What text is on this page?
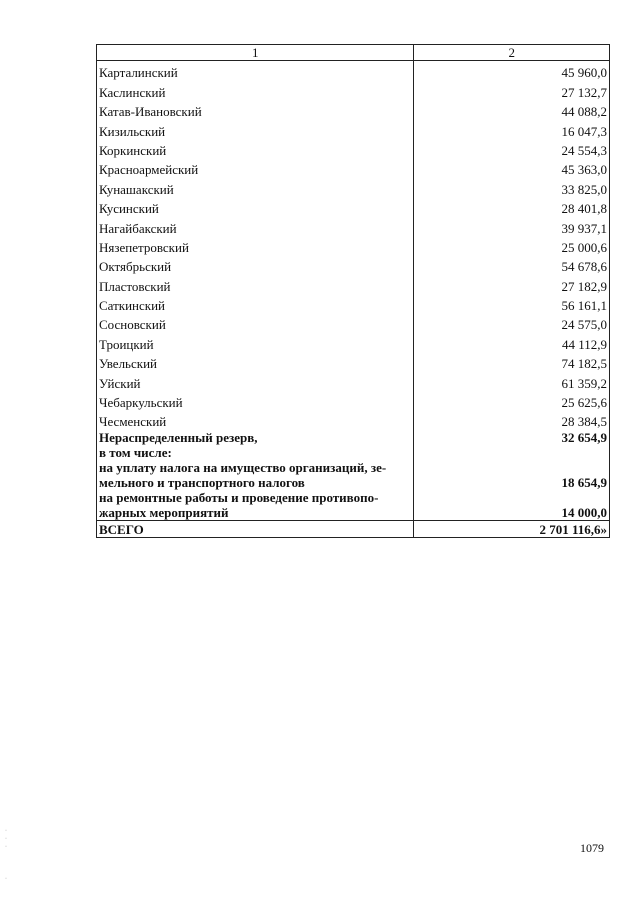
1	2
Карталинский	45 960,0
Каслинский	27 132,7
Катав-Ивановский	44 088,2
Кизильский	16 047,3
Коркинский	24 554,3
Красноармейский	45 363,0
Кунашакский	33 825,0
Кусинский	28 401,8
Нагайбакский	39 937,1
Нязепетровский	25 000,6
Октябрьский	54 678,6
Пластовский	27 182,9
Саткинский	56 161,1
Сосновский	24 575,0
Троицкий	44 112,9
Увельский	74 182,5
Уйский	61 359,2
Чебаркульский	25 625,6
Чесменский	28 384,5
Нераспределенный резерв,	32 654,9
в том числе:	
на уплату налога на имущество организаций, зе-	
мельного и транспортного налогов	18 654,9
на ремонтные работы и проведение противопо-	
жарных мероприятий	14 000,0
ВСЕГО	2 701 116,6»
1079
·
·
·
·
